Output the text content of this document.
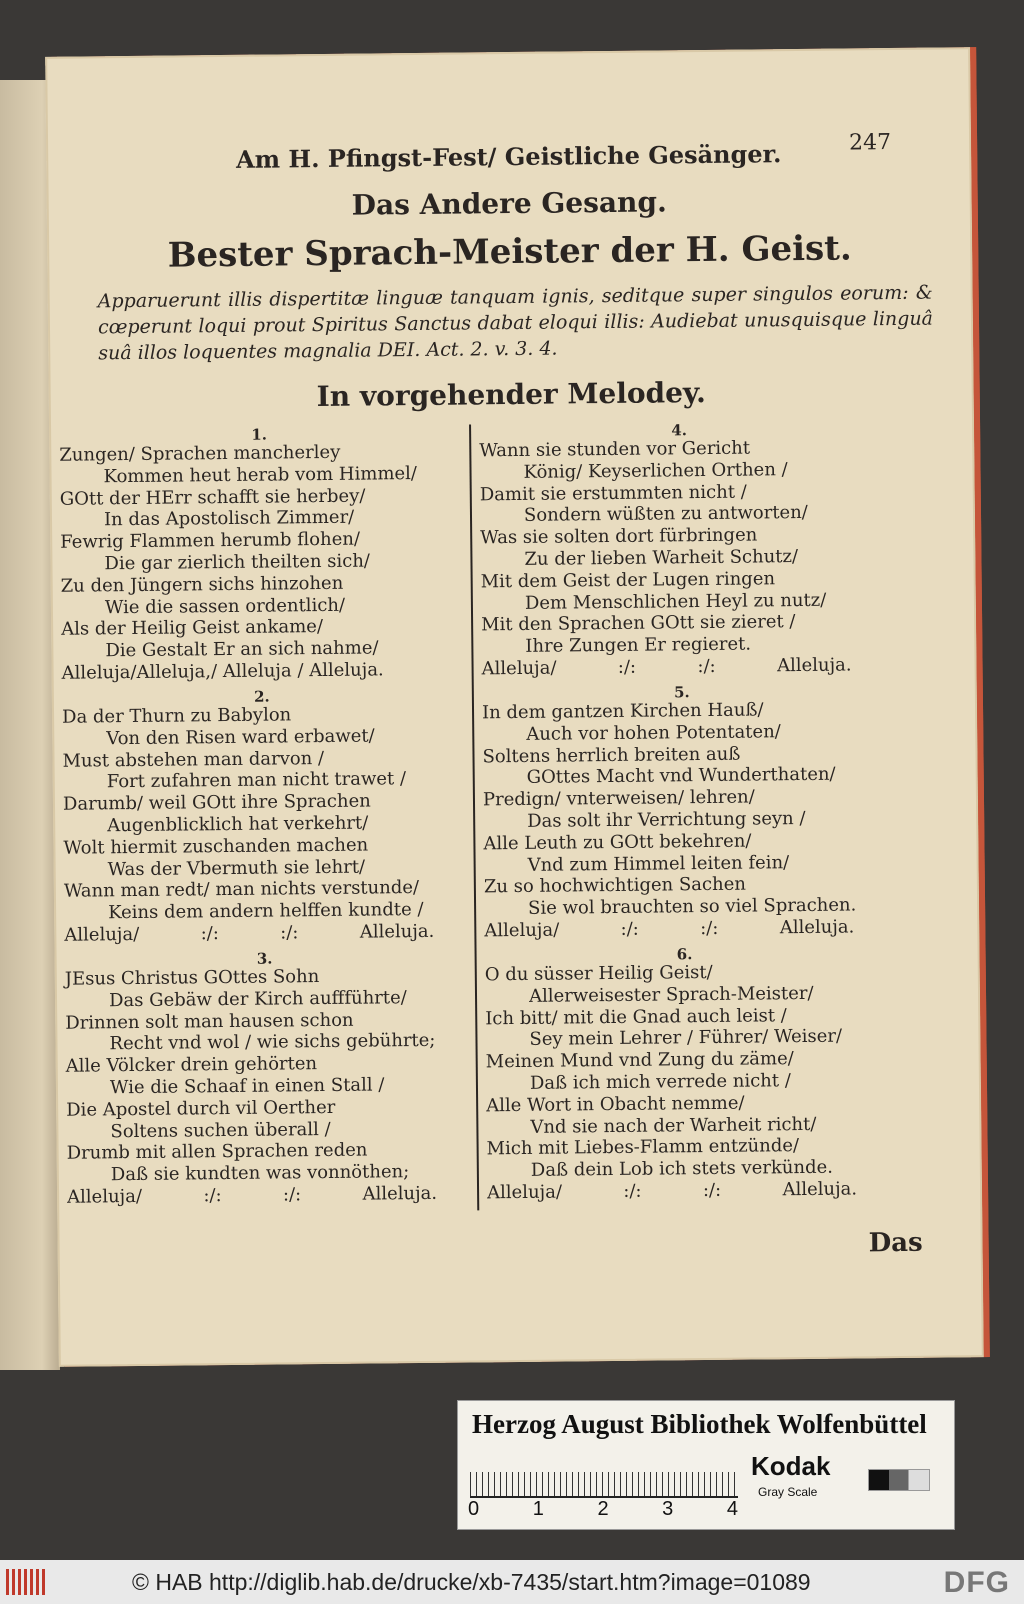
247
Am H. Pfingst-Fest/ Geistliche Gesänger.
Das Andere Gesang.
Bester Sprach-Meister der H. Geist.
Apparuerunt illis dispertitæ linguæ tanquam ignis, seditque super singulos eorum: & cœperunt loqui prout Spiritus Sanctus dabat eloqui illis: Audiebat unusquisque linguâ suâ illos loquentes magnalia DEI. Act. 2. v. 3. 4.
In vorgehender Melodey.
1.
Zungen/ Sprachen mancherley
Kommen heut herab vom Himmel/
GOtt der HErr schafft sie herbey/
In das Apostolisch Zimmer/
Fewrig Flammen herumb flohen/
Die gar zierlich theilten sich/
Zu den Jüngern sichs hinzohen
Wie die sassen ordentlich/
Als der Heilig Geist ankame/
Die Gestalt Er an sich nahme/
Alleluja/Alleluja,/ Alleluja / Alleluja.
2.
Da der Thurn zu Babylon
Von den Risen ward erbawet/
Must abstehen man darvon /
Fort zufahren man nicht trawet /
Darumb/ weil GOtt ihre Sprachen
Augenblicklich hat verkehrt/
Wolt hiermit zuschanden machen
Was der Vbermuth sie lehrt/
Wann man redt/ man nichts verstunde/
Keins dem andern helffen kundte /
Alleluja/	:/:	:/:	Alleluja.
3.
JEsus Christus GOttes Sohn
Das Gebäw der Kirch auffführte/
Drinnen solt man hausen schon
Recht vnd wol / wie sichs gebührte;
Alle Völcker drein gehörten
Wie die Schaaf in einen Stall /
Die Apostel durch vil Oerther
Soltens suchen überall /
Drumb mit allen Sprachen reden
Daß sie kundten was vonnöthen;
Alleluja/	:/:	:/:	Alleluja.
4.
Wann sie stunden vor Gericht
König/ Keyserlichen Orthen /
Damit sie erstummten nicht /
Sondern wüßten zu antworten/
Was sie solten dort fürbringen
Zu der lieben Warheit Schutz/
Mit dem Geist der Lugen ringen
Dem Menschlichen Heyl zu nutz/
Mit den Sprachen GOtt sie zieret /
Ihre Zungen Er regieret.
Alleluja/	:/:	:/:	Alleluja.
5.
In dem gantzen Kirchen Hauß/
Auch vor hohen Potentaten/
Soltens herrlich breiten auß
GOttes Macht vnd Wunderthaten/
Predign/ vnterweisen/ lehren/
Das solt ihr Verrichtung seyn /
Alle Leuth zu GOtt bekehren/
Vnd zum Himmel leiten fein/
Zu so hochwichtigen Sachen
Sie wol brauchten so viel Sprachen.
Alleluja/	:/:	:/:	Alleluja.
6.
O du süsser Heilig Geist/
Allerweisester Sprach-Meister/
Ich bitt/ mit die Gnad auch leist /
Sey mein Lehrer / Führer/ Weiser/
Meinen Mund vnd Zung du zäme/
Daß ich mich verrede nicht /
Alle Wort in Obacht nemme/
Vnd sie nach der Warheit richt/
Mich mit Liebes-Flamm entzünde/
Daß dein Lob ich stets verkünde.
Alleluja/	:/:	:/:	Alleluja.
Das
Herzog August Bibliothek Wolfenbüttel
0	1	2	3	4
Kodak
Gray Scale
© HAB http://diglib.hab.de/drucke/xb-7435/start.htm?image=01089	DFG
